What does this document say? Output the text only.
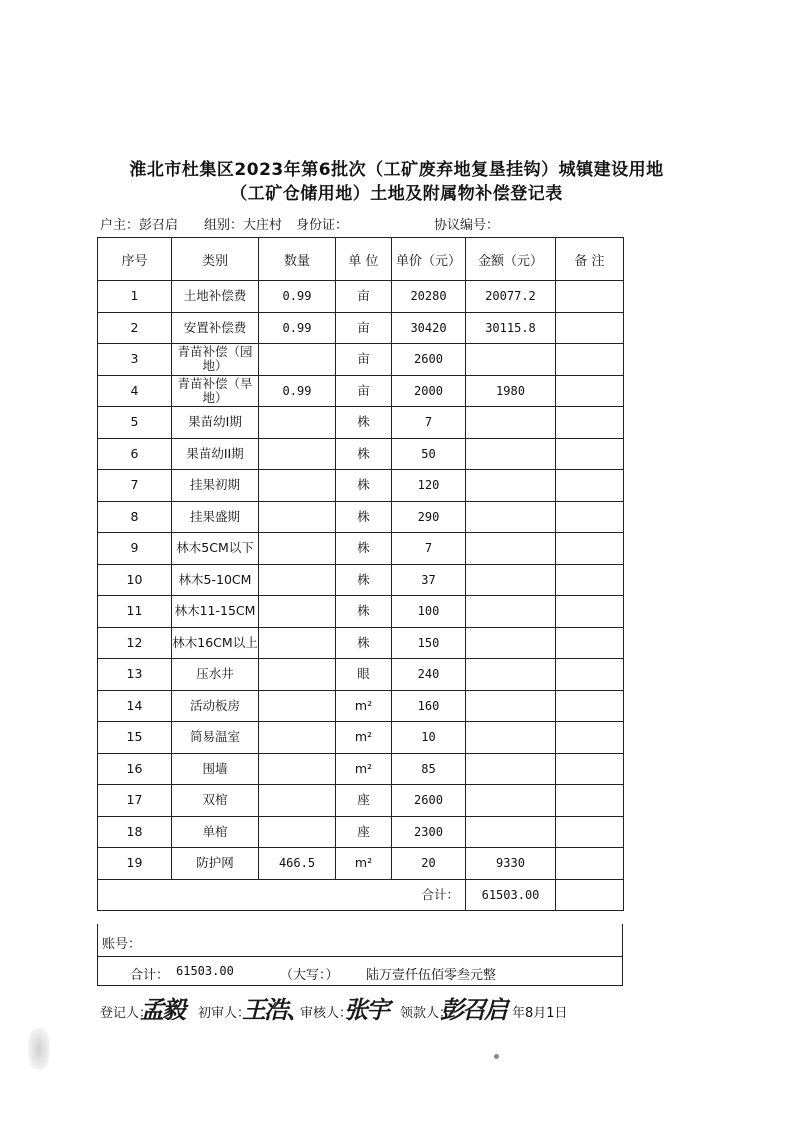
淮北市杜集区2023年第6批次（工矿废弃地复垦挂钩）城镇建设用地
（工矿仓储用地）土地及附属物补偿登记表
户主：彭召启 组别：大庄村 身份证：	协议编号：
序号	类别	数量	单 位	单价（元）	金额（元）	备 注
1	土地补偿费	0.99	亩	20280	20077.2	
2	安置补偿费	0.99	亩	30420	30115.8	
3	青苗补偿（园地）		亩	2600		
4	青苗补偿（旱地）	0.99	亩	2000	1980	
5	果苗幼I期		株	7		
6	果苗幼II期		株	50		
7	挂果初期		株	120		
8	挂果盛期		株	290		
9	林木5CM以下		株	7		
10	林木5-10CM		株	37		
11	林木11-15CM		株	100		
12	林木16CM以上		株	150		
13	压水井		眼	240		
14	活动板房		m²	160		
15	简易温室		m²	10		
16	围墙		m²	85		
17	双棺		座	2600		
18	单棺		座	2300		
19	防护网	466.5	m²	20	9330	
合计：					61503.00	
账号：
合计： 61503.00	（大写：） 陆万壹仟伍佰零叁元整
登记人：
孟毅 初审人：
王浩、
审核人：
张宇 领款人：
彭召启 年8月1日
